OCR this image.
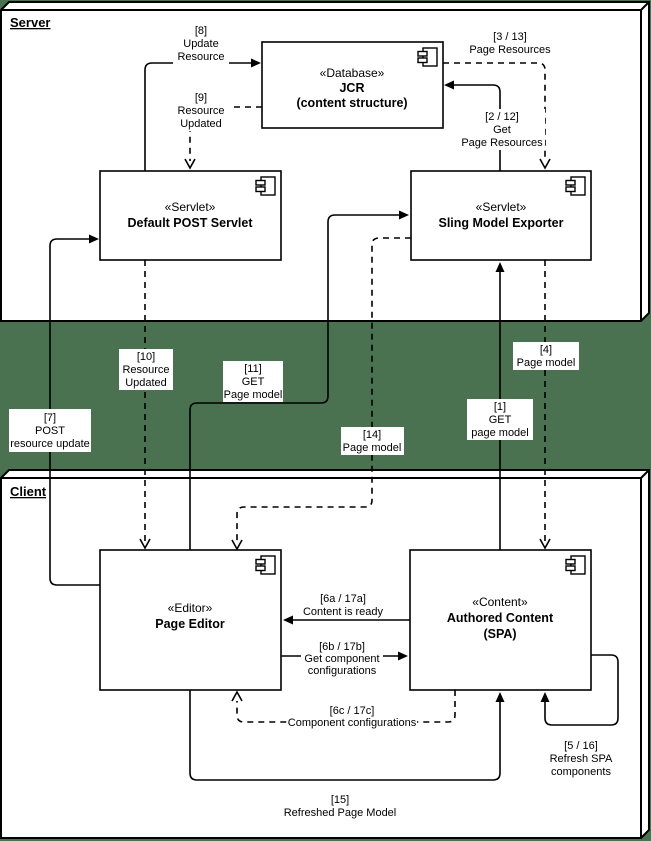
Server
Client
«Database»
JCR
(content structure)
«Servlet»
Default POST Servlet
«Servlet»
Sling Model Exporter
«Editor»
Page Editor
«Content»
Authored Content
(SPA)
[8]
Update
Resource
[9]
Resource
Updated
[3 / 13]
Page Resources
[2 / 12]
Get
Page Resources
[7]
POST
resource update
[10]
Resource
Updated
[11]
GET
Page model
[14]
Page model
[1]
GET
page model
[4]
Page model
[6a / 17a]
Content is ready
[6b / 17b]
Get component
configurations
[6c / 17c]
Component configurations
[15]
Refreshed Page Model
[5 / 16]
Refresh SPA
components
